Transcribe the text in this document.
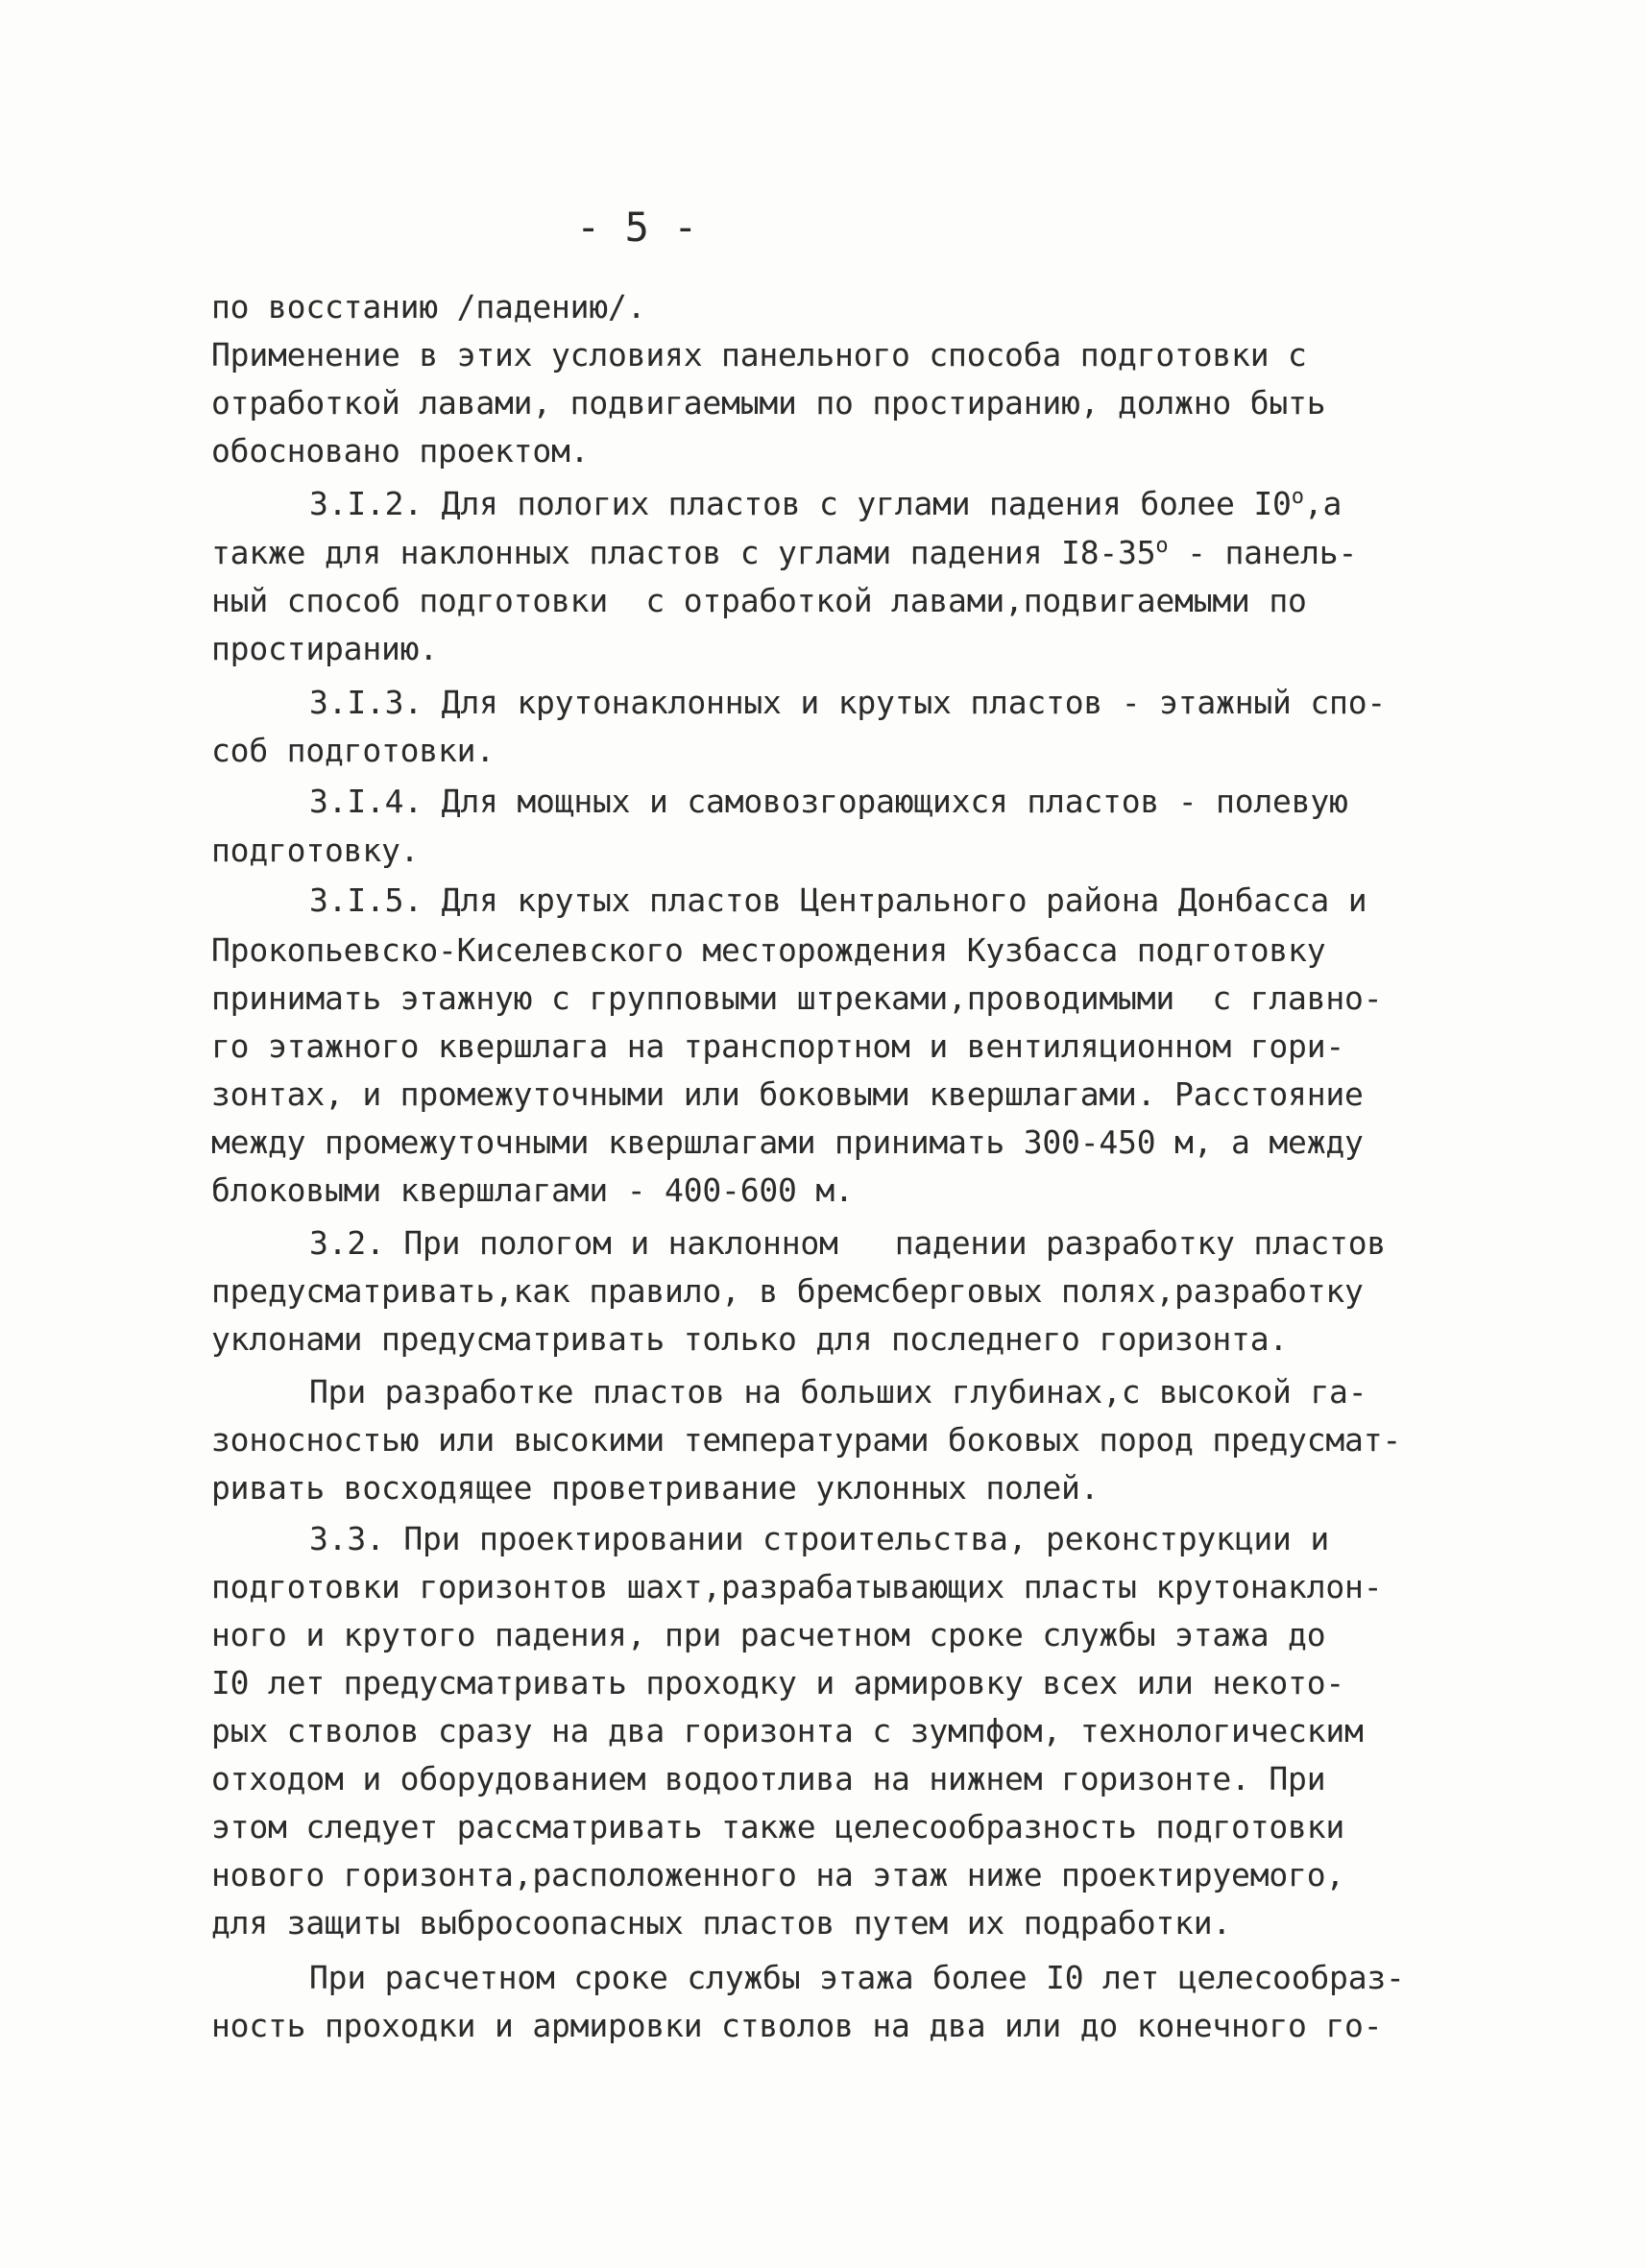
- 5 -
по восстанию /падению/.
Применение в этих условиях панельного способа подготовки с
отработкой лавами, подвигаемыми по простиранию, должно быть
обосновано проектом.
3.I.2. Для пологих пластов с углами падения более I0$^o$,а
также для наклонных пластов с углами падения I8-35$^o$ - панель-
ный способ подготовки  с отработкой лавами,подвигаемыми по
простиранию.
3.I.3. Для крутонаклонных и крутых пластов - этажный спо-
соб подготовки.
3.I.4. Для мощных и самовозгорающихся пластов - полевую
подготовку.
3.I.5. Для крутых пластов Центрального района Донбасса и
Прокопьевско-Киселевского месторождения Кузбасса подготовку
принимать этажную с групповыми штреками,проводимыми  с главно-
го этажного квершлага на транспортном и вентиляционном гори-
зонтах, и промежуточными или боковыми квершлагами. Расстояние
между промежуточными квершлагами принимать 300-450 м, а между
блоковыми квершлагами - 400-600 м.
3.2. При пологом и наклонном   падении разработку пластов
предусматривать,как правило, в бремсберговых полях,разработку
уклонами предусматривать только для последнего горизонта.
При разработке пластов на больших глубинах,с высокой га-
зоносностью или высокими температурами боковых пород предусмат-
ривать восходящее проветривание уклонных полей.
3.3. При проектировании строительства, реконструкции и
подготовки горизонтов шахт,разрабатывающих пласты крутонаклон-
ного и крутого падения, при расчетном сроке службы этажа до
I0 лет предусматривать проходку и армировку всех или некото-
рых стволов сразу на два горизонта с зумпфом, технологическим
отходом и оборудованием водоотлива на нижнем горизонте. При
этом следует рассматривать также целесообразность подготовки
нового горизонта,расположенного на этаж ниже проектируемого,
для защиты выбросоопасных пластов путем их подработки.
При расчетном сроке службы этажа более I0 лет целесообраз-
ность проходки и армировки стволов на два или до конечного го-
